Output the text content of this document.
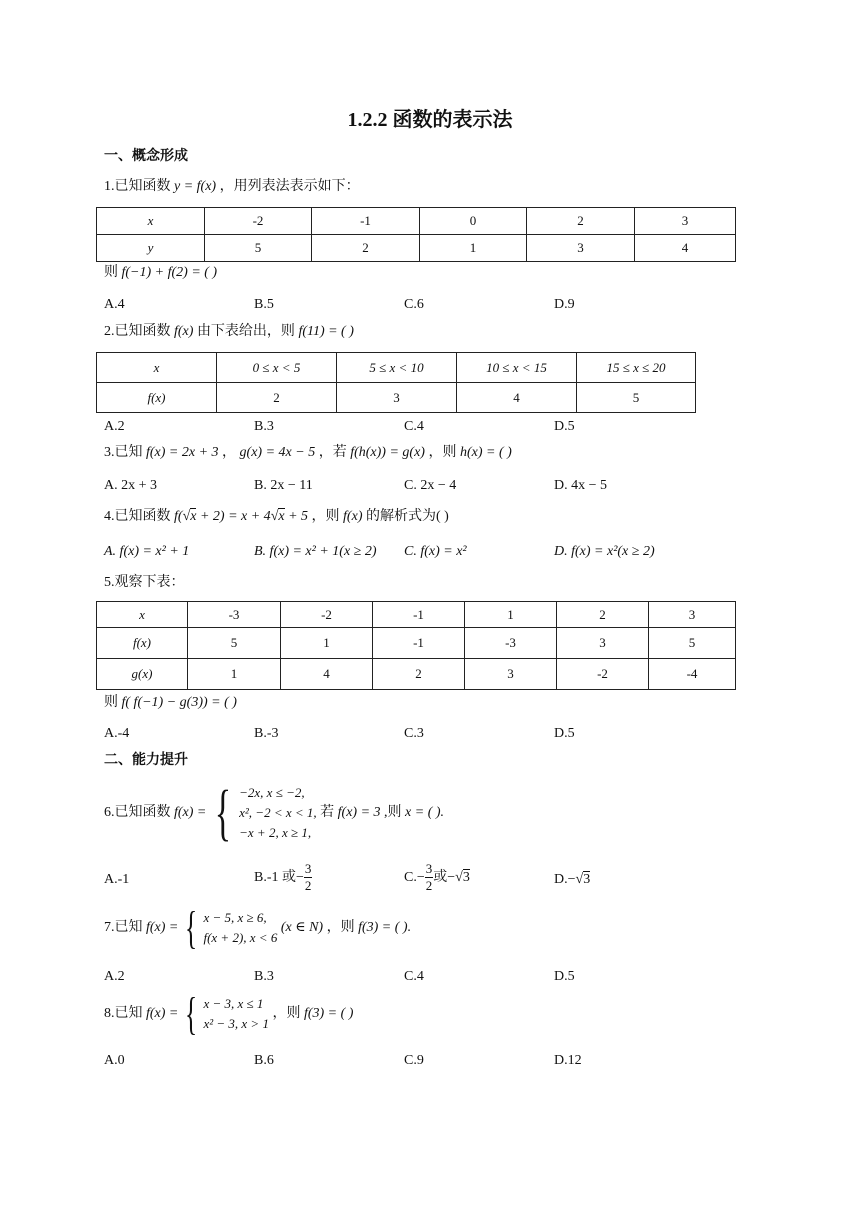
1.2.2 函数的表示法
一、概念形成
1.已知函数 y = f(x) ，用列表法表示如下：
x	-2	-1	0	2	3
y	5	2	1	3	4
则 f(−1) + f(2) = ( )
A.4	B.5	C.6	D.9
2.已知函数 f(x) 由下表给出，则 f(11) = ( )
x	0 ≤ x < 5	5 ≤ x < 10	10 ≤ x < 15	15 ≤ x ≤ 20
f(x)	2	3	4	5
A.2	B.3	C.4	D.5
3.已知 f(x) = 2x + 3 ， g(x) = 4x − 5 ，若 f(h(x)) = g(x) ，则 h(x) = ( )
A. 2x + 3	B. 2x − 11	C. 2x − 4	D. 4x − 5
4.已知函数 f(√x + 2) = x + 4√x + 5 ，则 f(x) 的解析式为( )
A. f(x) = x² + 1	B. f(x) = x² + 1(x ≥ 2) C. f(x) = x²	D. f(x) = x²(x ≥ 2)
5.观察下表：
x	-3	-2	-1	1	2	3
f(x)	5	1	-1	-3	3	5
g(x)	1	4	2	3	-2	-4
则 f( f(−1) − g(3)) = ( )
A.-4	B.-3	C.3	D.5
二、能力提升
6.已知函数 f(x) = { −2x, x ≤ −2,
x², −2 < x < 1,
−x + 2, x ≥ 1,
若 f(x) = 3 ,则 x = ( ).
A.-1	B.-1 或− $\frac{3}{2}$	$C.- \frac{3}{2}$ 或−√3	D.−√3
7.已知 f(x) = { x − 5, x ≥ 6,
f(x + 2), x < 6
(x ∈ N) ，则 f(3) = ( ).
A.2	B.3	C.4	D.5
8.已知 f(x) = { x − 3, x ≤ 1
x² − 3, x > 1
，则 f(3) = ( )
A.0	B.6	C.9	D.12
